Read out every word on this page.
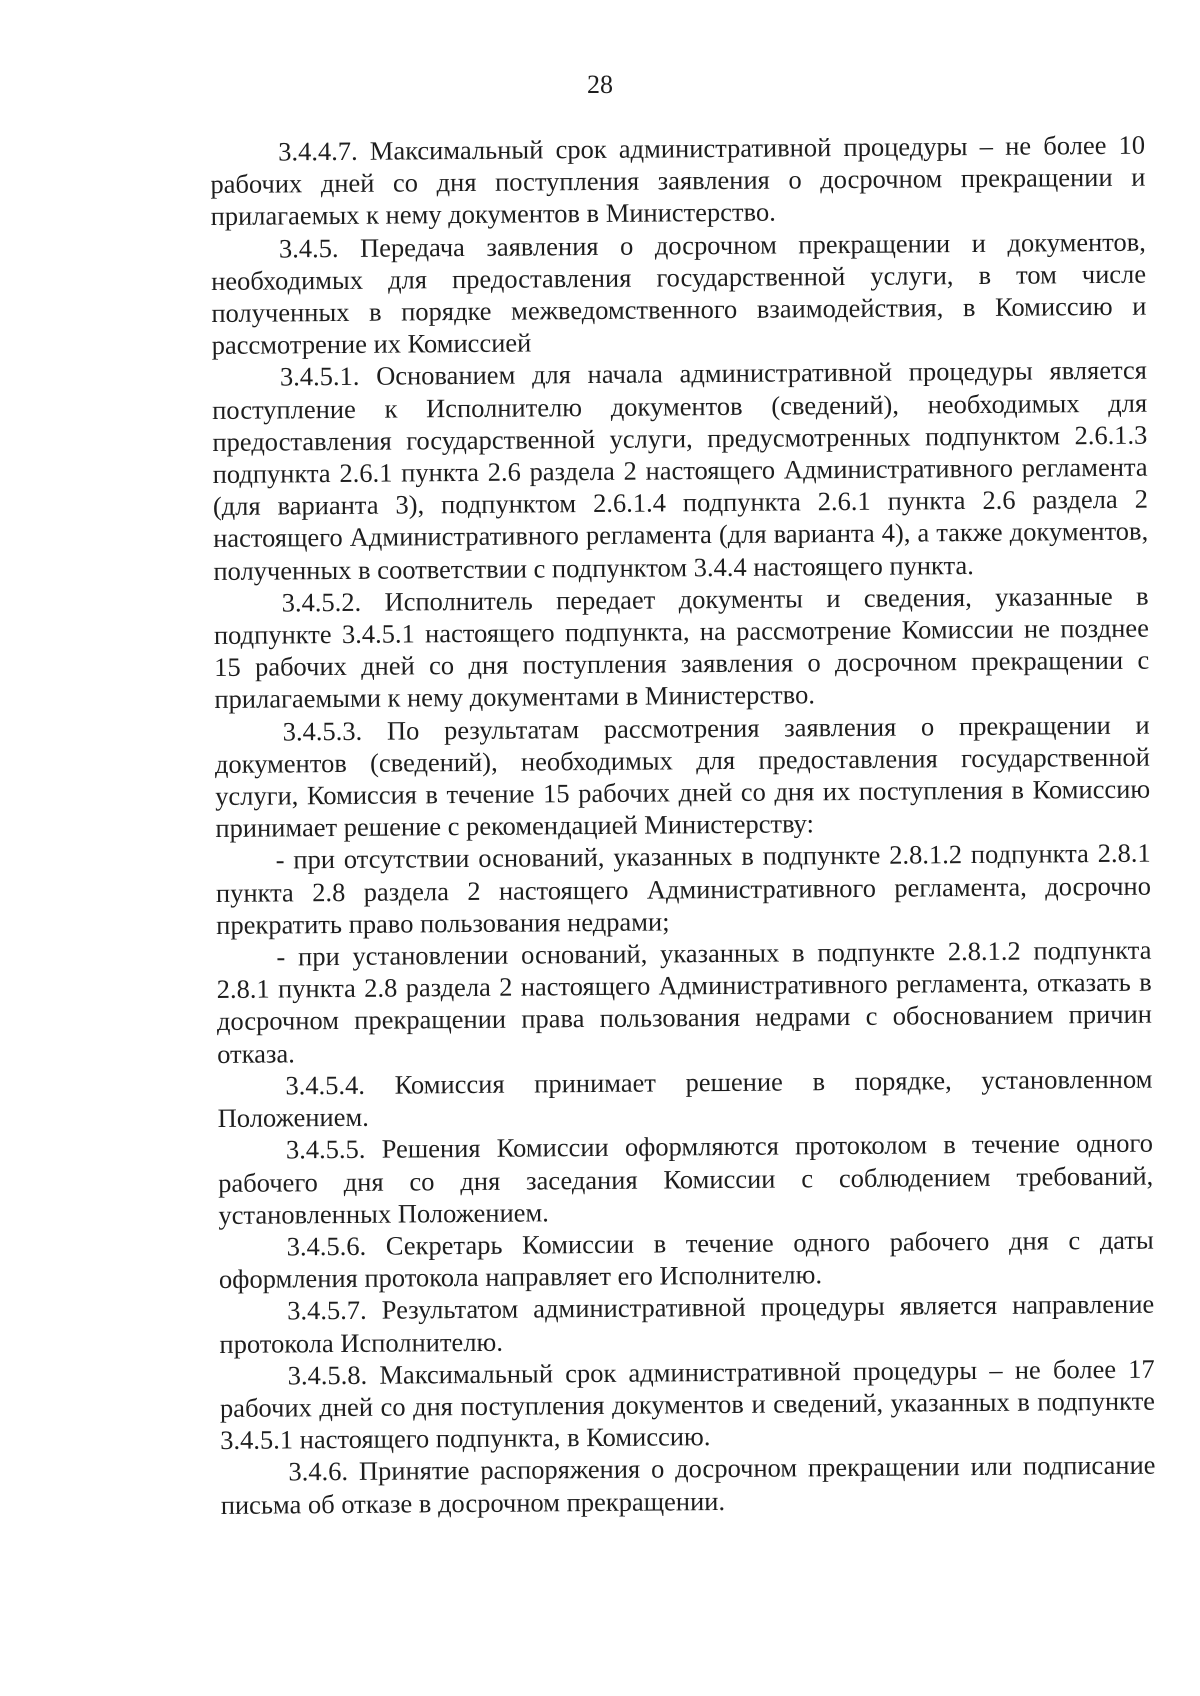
28

3.4.4.7. Максимальный срок административной процедуры – не более 10 рабочих дней со дня поступления заявления о досрочном прекращении и прилагаемых к нему документов в Министерство.

3.4.5. Передача заявления о досрочном прекращении и документов, необходимых для предоставления государственной услуги, в том числе полученных в порядке межведомственного взаимодействия, в Комиссию и рассмотрение их Комиссией

3.4.5.1. Основанием для начала административной процедуры является поступление к Исполнителю документов (сведений), необходимых для предоставления государственной услуги, предусмотренных подпунктом 2.6.1.3 подпункта 2.6.1 пункта 2.6 раздела 2 настоящего Административного регламента (для варианта 3), подпунктом 2.6.1.4 подпункта 2.6.1 пункта 2.6 раздела 2 настоящего Административного регламента (для варианта 4), а также документов, полученных в соответствии с подпунктом 3.4.4 настоящего пункта.

3.4.5.2. Исполнитель передает документы и сведения, указанные в подпункте 3.4.5.1 настоящего подпункта, на рассмотрение Комиссии не позднее 15 рабочих дней со дня поступления заявления о досрочном прекращении с прилагаемыми к нему документами в Министерство.

3.4.5.3. По результатам рассмотрения заявления о прекращении и документов (сведений), необходимых для предоставления государственной услуги, Комиссия в течение 15 рабочих дней со дня их поступления в Комиссию принимает решение с рекомендацией Министерству:

- при отсутствии оснований, указанных в подпункте 2.8.1.2 подпункта 2.8.1 пункта 2.8 раздела 2 настоящего Административного регламента, досрочно прекратить право пользования недрами;

- при установлении оснований, указанных в подпункте 2.8.1.2 подпункта 2.8.1 пункта 2.8 раздела 2 настоящего Административного регламента, отказать в досрочном прекращении права пользования недрами с обоснованием причин отказа.

3.4.5.4. Комиссия принимает решение в порядке, установленном Положением.

3.4.5.5. Решения Комиссии оформляются протоколом в течение одного рабочего дня со дня заседания Комиссии с соблюдением требований, установленных Положением.

3.4.5.6. Секретарь Комиссии в течение одного рабочего дня с даты оформления протокола направляет его Исполнителю.

3.4.5.7. Результатом административной процедуры является направление протокола Исполнителю.

3.4.5.8. Максимальный срок административной процедуры – не более 17 рабочих дней со дня поступления документов и сведений, указанных в подпункте 3.4.5.1 настоящего подпункта, в Комиссию.

3.4.6. Принятие распоряжения о досрочном прекращении или подписание письма об отказе в досрочном прекращении.
